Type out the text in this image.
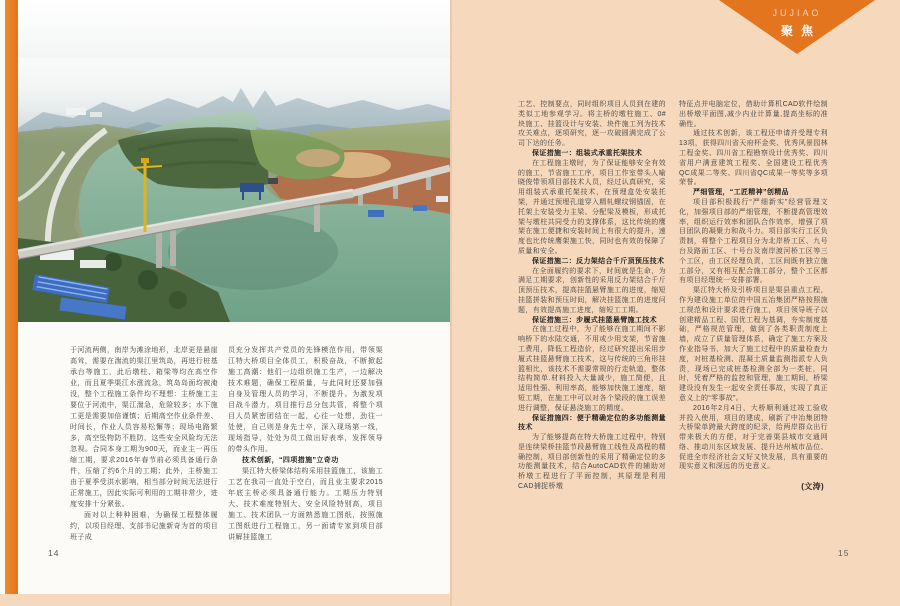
JUJIAO
聚焦

于河流两侧，南岸为滩涂地形，北岸更是悬崖高耸，需要在湍流的渠江里筑岛，再进行桩基承台等施工，此后墩柱、箱梁等均在高空作业，而且夏季渠江水涨流急，筑岛岛面均被淹没，整个工程施工条件均不理想：主桥施工主要位于河流中，渠江湍急，危险较多；水下施工更是需要加倍谨慎；后期高空作业条件差、时间长，作业人员容易松懈等；现场电路繁多，高空坠物防不胜防，这些安全风险均无法忽视。合同本身工期为900天，而业主一再压缩工期，要求2016年春节前必须具备通行条件，压缩了约6个月的工期；此外，主桥施工由于夏季受洪水影响，相当部分时间无法进行正常施工，因此实际可利用的工期非常少，进度安排十分紧张。

面对以上种种困难，为确保工程整体履约，以项目经理、支部书记施新奇为首的项目班子成

员充分发挥共产党员的先锋模范作用，带领渠江特大桥项目全体员工，积极奋战，不断掀起施工高潮：他们一边组织施工生产，一边解决技术难题，确保工程质量，与此同时还要加强自身及管理人员的学习，不断提升。为激发项目战斗潜力，项目推行总分包共管，将整个项目人员紧密团结在一起，心往一处想，劲往一处使，自己则是身先士卒，深入现场第一线，现场指导，处处为员工做出好表率，发挥领导的带头作用。

技术创新，“四项措施”立奇功

渠江特大桥梁体结构采用挂篮施工，该施工工艺在我司一直处于空白，而且业主要求2015年底主桥必须具备通行能力。工期压力特别大、技术难度特别大、安全风险特别高，项目施工、技术团队一方面熟悉施工图纸，按照施工图纸进行工程施工，另一面请专家到项目部讲解挂篮施工

工艺、控制要点，同时组织项目人员到在建的类似工地参观学习。将主桥的墩柱施工、0#块施工、挂篮设计与安装、块件施工列为技术攻关难点，逐项研究，逐一攻破圆满完成了公司下达的任务。

保证措施一：组装式承重托架技术

在工程施主墩时，为了保证能够安全有效的施工，节省施工工序，项目工作室带头人喻晓俊带领项目部技术人员，经过认真研究，采用组装式承重托架技术，在预埋盒处安装托架，并通过预埋孔道穿入精轧螺纹钢锚固，在托架上安装受力主梁、分配梁及模板，形成托架与墩柱共同受力的支撑体系，这比传统的鹰架在施工便捷和安装时间上有很大的提升，速度也比传统鹰架施工快，同时也有效的保障了质量和安全。

保证措施二：反力架结合千斤顶预压技术

在全面履约的要求下，时间就是生命，为满足工期要求，创新性的采用反力架结合千斤顶预压技术，提高挂篮悬臂施工的进度，缩短挂篮拼装和预压时间，解决挂篮施工的进度问题，有效提高施工进度，缩短工工期。

保证措施三：步履式挂篮悬臂施工技术

在施工过程中，为了能够在施工期间不影响桥下的水陆交通，不用或少用支架，节省施工费用，降低工程造价，经过研究提出采用步履式挂篮悬臂施工技术，这与传统的三角形挂篮相比，该技术不需要常规的行走轨道，整体结构简单.材料投入大量减少，施工简便，且适用性强、利用率高，能够加快施工速度，缩短工期，在施工中可以对各个梁段的施工误差进行调整，保证悬浇施工的精度。

保证措施四：便于精确定位的多功能测量技术

为了能够提高在特大桥施工过程中，特别是连续梁桥挂篮节段悬臂施工线性及高程的精确控制，项目部创新性的采用了精确定位的多功能测量技术，结合AutoCAD软件的辅助对桥墩工程进行了平面控制，其原理是利用CAD捕捉桥墩

特征点并电脑定位，借助计算机CAD软件绘制出桥墩平面图,减少内业计算量,提高坐标的准确性。

通过技术创新，该工程还申请并受理专利13项，获得四川省天府杯金奖、优秀风景园林工程金奖、四川省工程勘察设计优秀奖、四川省用户满意建筑工程奖、全国建设工程优秀QC成果二等奖、四川省QC成果一等奖等多项荣誉。

严细管理，“工匠精神”创精品

项目部积极践行“严细新实”经营管理文化，加强项目部的严细管理，不断提高管理效率，组织运行效率和团队合作效率，增强了项目团队的凝聚力和战斗力。项目部实行工区负责制，将整个工程项目分为北岸桥工区、九号台及路面工区、十号台及南岸渡河桥工区等三个工区，由工区经理负责，工区间既有独立施工部分，又有相互配合施工部分，整个工区都有项目经理统一安排部署。

渠江特大桥及引桥项目是渠县重点工程，作为建设施工单位的中国五冶集团严格按照施工规范和设计要求进行施工，项目领导班子以创建精品工程、国优工程为基调，夯实制度基础，严格规范管理，做到了各类职责制度上墙，成立了质量管理体系，确定了施工方案及作业指导书，加大了施工过程中的质量检查力度，对桩基检测、混凝土质量监测指派专人负责，现场已完成桩基检测全部为一类桩，同时，凭着严格的监控和管理，施工期间，桥梁建设没有发生一起安全责任事故，实现了真正意义上的“零事故”。

2016年2月4日，大桥顺利通过竣工验收并投入使用，项目的建成，刷新了中冶集团特大桥梁单跨最大跨度的纪录，给两岸群众出行带来极大的方便，对于完善渠县城市交通网络、推动川东区域发展、提升达州城市品位、促进全市经济社会又好又快发展，具有重要的现实意义和深远的历史意义。

(文涛)

14	15
